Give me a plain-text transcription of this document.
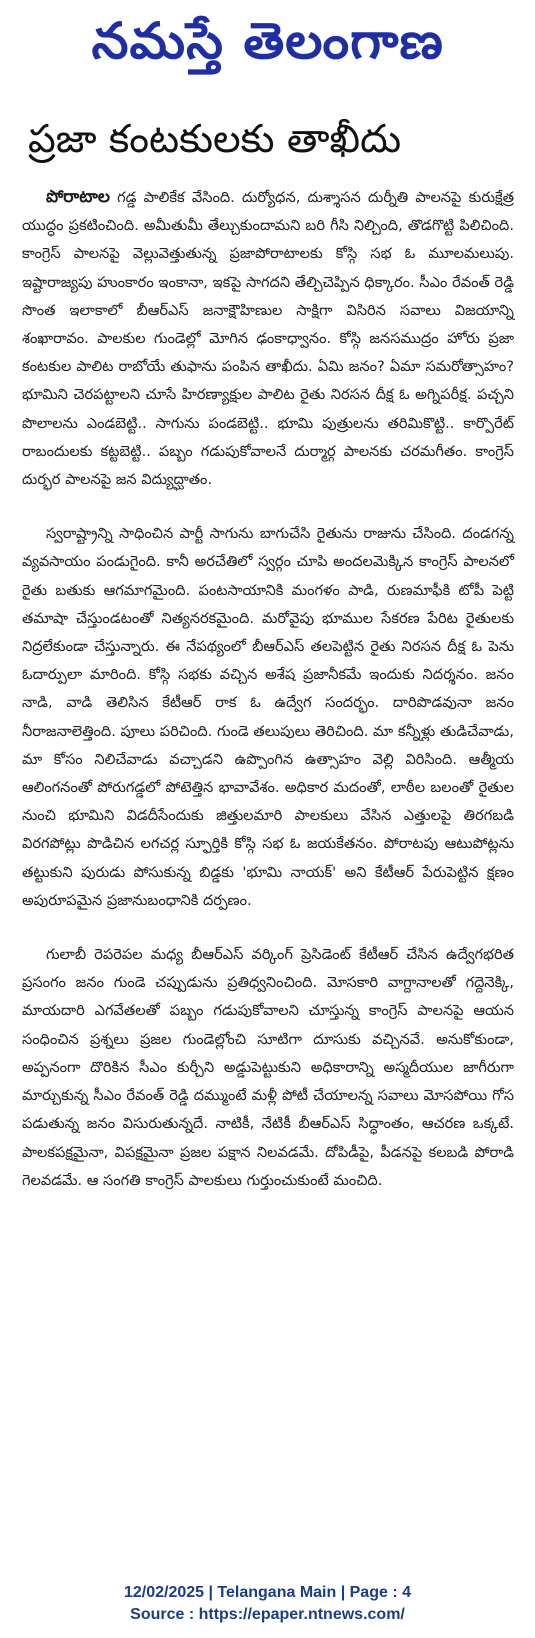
నమస్తే తెలంగాణ
ప్రజా కంటకులకు తాఖీదు

పోరాటాల గడ్డ పాలికేక వేసింది. దుర్యోధన, దుశ్శాసన దుర్నీతి పాలనపై కురుక్షేత్ర యుద్ధం ప్రకటించింది. అమీతుమీ తేల్చుకుందామని బరి గీసి నిల్చింది, తొడగొట్టి పిలిచింది. కాంగ్రెస్ పాలనపై వెల్లువెత్తుతున్న ప్రజాపోరాటాలకు కోస్గి సభ ఓ మూలమలుపు. ఇష్టారాజ్యపు హుంకారం ఇంకానా, ఇకపై సాగదని తేల్చిచెప్పిన ధిక్కారం. సీఎం రేవంత్ రెడ్డి సొంత ఇలాకాలో బీఆర్‌ఎస్ జనాక్షౌహిణుల సాక్షిగా విసిరిన సవాలు విజయాన్ని శంఖారావం. పాలకుల గుండెల్లో మోగిన ఢంకాధ్వానం. కోస్గి జనసముద్రం హోరు ప్రజా కంటకుల పాలిట రాబోయే తుఫాను పంపిన తాఖీదు. ఏమి జనం? ఏమా సమరోత్సాహం? భూమిని చెరపట్టాలని చూసే హిరణ్యాక్షుల పాలిట రైతు నిరసన దీక్ష ఓ అగ్నిపరీక్ష. పచ్చని పొలాలను ఎండబెట్టి.. సాగును పండబెట్టి.. భూమి పుత్రులను తరిమికొట్టి.. కార్పొరేట్ రాబందులకు కట్టబెట్టి.. పబ్బం గడుపుకోవాలనే దుర్మార్గ పాలనకు చరమగీతం. కాంగ్రెస్ దుర్భర పాలనపై జన విద్యుద్ఘాతం.

స్వరాష్ట్రాన్ని సాధించిన పార్టీ సాగును బాగుచేసి రైతును రాజును చేసింది. దండగన్న వ్యవసాయం పండుగైంది. కానీ అరచేతిలో స్వర్గం చూపి అందలమెక్కిన కాంగ్రెస్ పాలనలో రైతు బతుకు ఆగమాగమైంది. పంటసాయానికి మంగళం పాడి, రుణమాఫీకి టోపీ పెట్టి తమాషా చేస్తుండటంతో నిత్యనరకమైంది. మరోవైపు భూముల సేకరణ పేరిట రైతులకు నిద్రలేకుండా చేస్తున్నారు. ఈ నేపథ్యంలో బీఆర్‌ఎస్ తలపెట్టిన రైతు నిరసన దీక్ష ఓ పెను ఓదార్పులా మారింది. కోస్గి సభకు వచ్చిన అశేష ప్రజానీకమే ఇందుకు నిదర్శనం. జనం నాడి, వాడి తెలిసిన కేటీఆర్ రాక ఓ ఉద్వేగ సందర్భం. దారిపొడవునా జనం నీరాజనాలెత్తింది. పూలు పరిచింది. గుండె తలుపులు తెరిచింది. మా కన్నీళ్లు తుడిచేవాడు, మా కోసం నిలిచేవాడు వచ్చాడని ఉప్పొంగిన ఉత్సాహం వెల్లి విరిసింది. ఆత్మీయ ఆలింగనంతో పోరుగడ్డలో పోటెత్తిన భావావేశం. అధికార మదంతో, లాఠీల బలంతో రైతుల నుంచి భూమిని విడదీసేందుకు జిత్తులమారి పాలకులు వేసిన ఎత్తులపై తిరగబడి విరగపోట్లు పొడిచిన లగచర్ల స్ఫూర్తికి కోస్గి సభ ఓ జయకేతనం. పోరాటపు ఆటుపోట్లను తట్టుకుని పురుడు పోసుకున్న బిడ్డకు 'భూమి నాయక్' అని కేటీఆర్ పేరుపెట్టిన క్షణం అపురూపమైన ప్రజానుబంధానికి దర్పణం.

గులాబీ రెపరెపల మధ్య బీఆర్‌ఎస్ వర్కింగ్ ప్రెసిడెంట్ కేటీఆర్ చేసిన ఉద్వేగభరిత ప్రసంగం జనం గుండె చప్పుడును ప్రతిధ్వనించింది. మోసకారి వాగ్దానాలతో గద్దెనెక్కి, మాయదారి ఎగవేతలతో పబ్బం గడుపుకోవాలని చూస్తున్న కాంగ్రెస్ పాలనపై ఆయన సంధించిన ప్రశ్నలు ప్రజల గుండెల్లోంచి సూటిగా దూసుకు వచ్చినవే. అనుకోకుండా, అప్పనంగా దొరికిన సీఎం కుర్చీని అడ్డుపెట్టుకుని అధికారాన్ని అస్మదీయుల జాగీరుగా మార్చుకున్న సీఎం రేవంత్ రెడ్డి దమ్ముంటే మళ్లీ పోటీ చేయాలన్న సవాలు మోసపోయి గోస పడుతున్న జనం విసురుతున్నదే. నాటికీ, నేటికీ బీఆర్‌ఎస్ సిద్ధాంతం, ఆచరణ ఒక్కటే. పాలకపక్షమైనా, విపక్షమైనా ప్రజల పక్షాన నిలవడమే. దోపిడీపై, పీడనపై కలబడి పోరాడి గెలవడమే. ఆ సంగతి కాంగ్రెస్ పాలకులు గుర్తుంచుకుంటే మంచిది.

12/02/2025 | Telangana Main | Page : 4
Source : https://epaper.ntnews.com/
